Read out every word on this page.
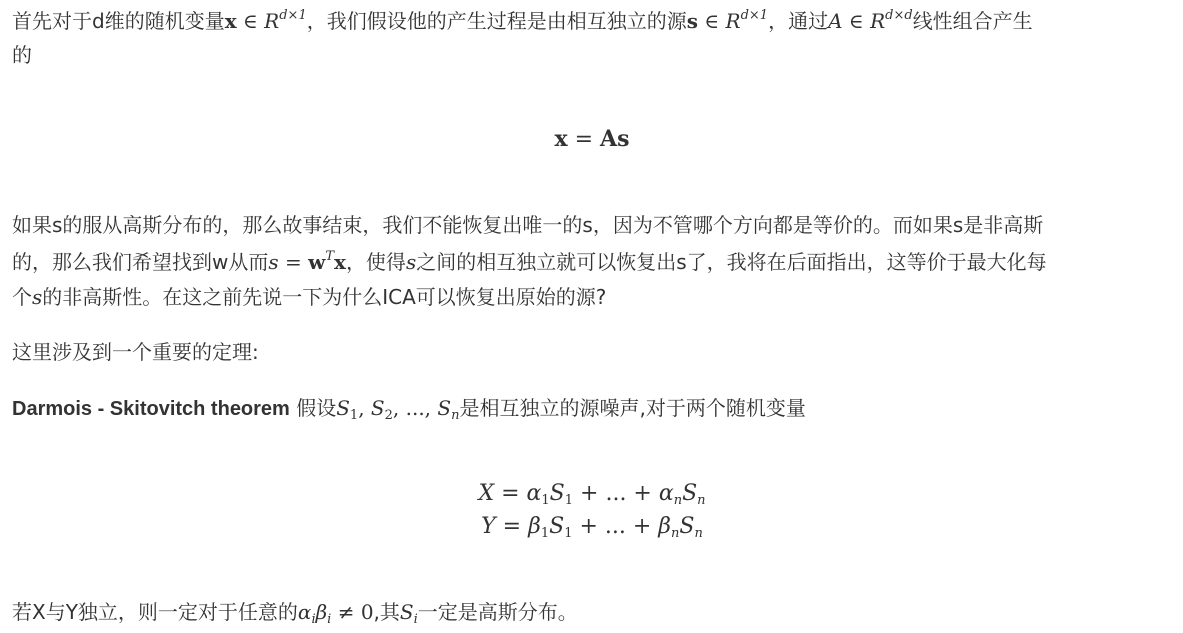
首先对于d维的随机变量x ∈ $R^{d\times 1}$，我们假设他的产生过程是由相互独立的源s ∈ $R^{d\times 1}$，通过A ∈ $R^{d\times d}$线性组合产生
的
x = As
如果s的服从高斯分布的，那么故事结束，我们不能恢复出唯一的s，因为不管哪个方向都是等价的。而如果s是非高斯
的，那么我们希望找到w从而$s = w^Tx$，使得s之间的相互独立就可以恢复出s了，我将在后面指出，这等价于最大化每
个s的非高斯性。在这之前先说一下为什么ICA可以恢复出原始的源?
这里涉及到一个重要的定理:
Darmois - Skitovitch theorem 假设$S_1$, $S_2$, ..., $S_n$是相互独立的源噪声,对于两个随机变量
$X = \alpha_1S_1$ + ... + $\alpha_nS_n$
$Y = \beta_1S_1$ + ... + $\beta_nS_n$
若X与Y独立，则一定对于任意的$\alpha_i\beta_i \ne 0$,其$S_i$一定是高斯分布。
